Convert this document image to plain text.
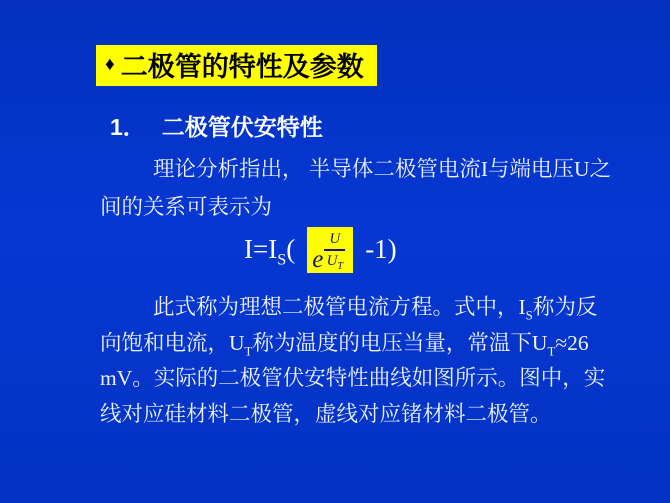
♦ 二极管的特性及参数
1． 二极管伏安特性
理论分析指出， 半导体二极管电流I与端电压U之
间的关系可表示为
$I=I_S$( e $\frac{U}{U_T} -1$)
此式称为理想二极管电流方程。式中，$I_S$称为反
向饱和电流，$U_T$称为温度的电压当量，常温下$U_T\approx 26$
mV。实际的二极管伏安特性曲线如图所示。图中，实
线对应硅材料二极管，虚线对应锗材料二极管。
